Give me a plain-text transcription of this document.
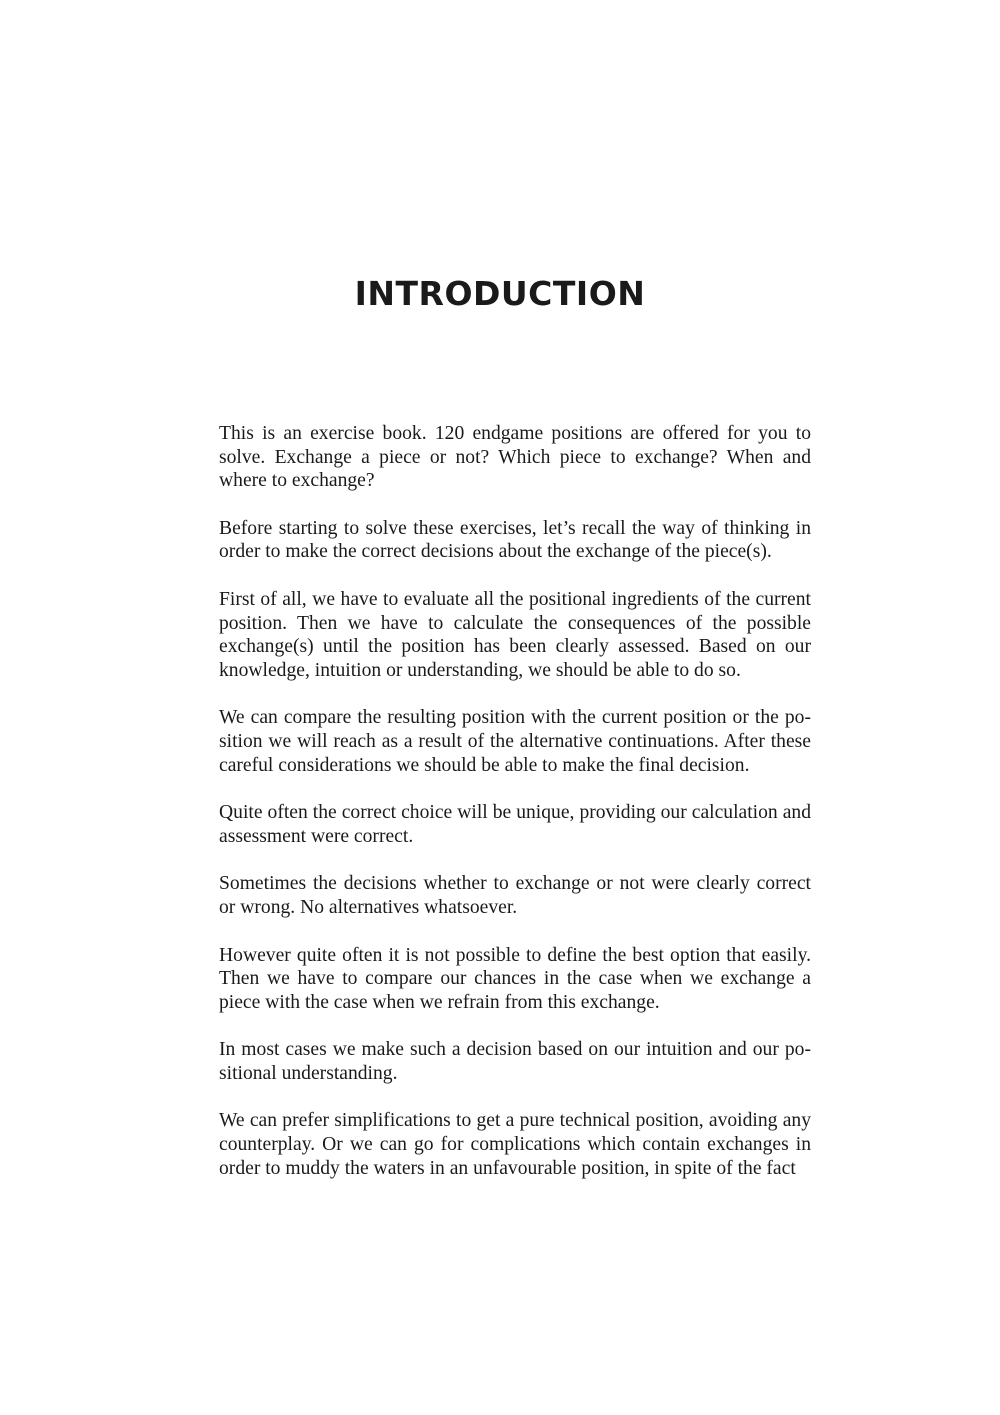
INTRODUCTION

This is an exercise book. 120 endgame positions are offered for you to solve. Exchange a piece or not? Which piece to exchange? When and where to exchange?

Before starting to solve these exercises, let’s recall the way of thinking in order to make the correct decisions about the exchange of the piece(s).

First of all, we have to evaluate all the positional ingredients of the current position. Then we have to calculate the consequences of the possible exchange(s) until the position has been clearly assessed. Based on our knowledge, intuition or understanding, we should be able to do so.

We can compare the resulting position with the current position or the position we will reach as a result of the alternative continuations. After these careful considerations we should be able to make the final decision.

Quite often the correct choice will be unique, providing our calculation and assessment were correct.

Sometimes the decisions whether to exchange or not were clearly correct or wrong. No alternatives whatsoever.

However quite often it is not possible to define the best option that easily. Then we have to compare our chances in the case when we exchange a piece with the case when we refrain from this exchange.

In most cases we make such a decision based on our intuition and our positional understanding.

We can prefer simplifications to get a pure technical position, avoiding any counterplay. Or we can go for complications which contain exchanges in order to muddy the waters in an unfavourable position, in spite of the fact
